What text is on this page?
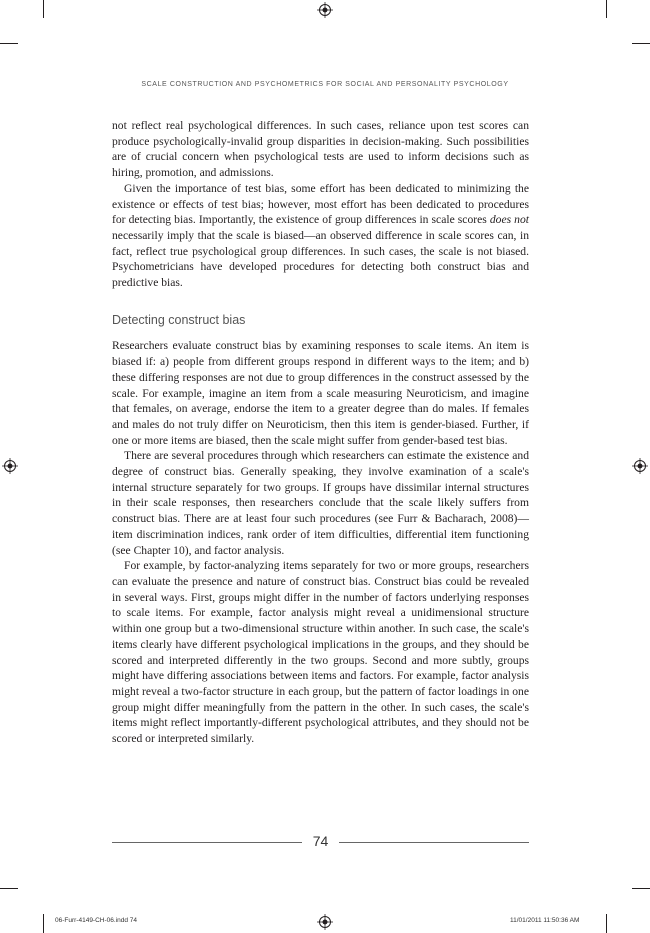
SCALE CONSTRUCTION AND PSYCHOMETRICS FOR SOCIAL AND PERSONALITY PSYCHOLOGY

not reflect real psychological differences. In such cases, reliance upon test scores can produce psychologically-invalid group disparities in decision-making. Such possibilities are of crucial concern when psychological tests are used to inform decisions such as hiring, promotion, and admissions.

Given the importance of test bias, some effort has been dedicated to minimizing the existence or effects of test bias; however, most effort has been dedicated to procedures for detecting bias. Importantly, the existence of group differences in scale scores does not necessarily imply that the scale is biased—an observed difference in scale scores can, in fact, reflect true psychological group differences. In such cases, the scale is not biased. Psychometricians have developed procedures for detecting both construct bias and predictive bias.

Detecting construct bias

Researchers evaluate construct bias by examining responses to scale items. An item is biased if: a) people from different groups respond in different ways to the item; and b) these differing responses are not due to group differences in the construct assessed by the scale. For example, imagine an item from a scale measuring Neuroticism, and imagine that females, on average, endorse the item to a greater degree than do males. If females and males do not truly differ on Neuroticism, then this item is gender-biased. Further, if one or more items are biased, then the scale might suffer from gender-based test bias.

There are several procedures through which researchers can estimate the existence and degree of construct bias. Generally speaking, they involve examination of a scale's internal structure separately for two groups. If groups have dissimilar internal structures in their scale responses, then researchers conclude that the scale likely suffers from construct bias. There are at least four such procedures (see Furr & Bacharach, 2008)—item discrimination indices, rank order of item difficulties, differential item functioning (see Chapter 10), and factor analysis.

For example, by factor-analyzing items separately for two or more groups, researchers can evaluate the presence and nature of construct bias. Construct bias could be revealed in several ways. First, groups might differ in the number of factors underlying responses to scale items. For example, factor analysis might reveal a unidimensional structure within one group but a two-dimensional structure within another. In such case, the scale's items clearly have different psychological implications in the groups, and they should be scored and interpreted differently in the two groups. Second and more subtly, groups might have differing associations between items and factors. For example, factor analysis might reveal a two-factor structure in each group, but the pattern of factor loadings in one group might differ meaningfully from the pattern in the other. In such cases, the scale's items might reflect importantly-different psychological attributes, and they should not be scored or interpreted similarly.

74
06-Furr-4149-CH-06.indd 74	11/01/2011 11:50:36 AM
